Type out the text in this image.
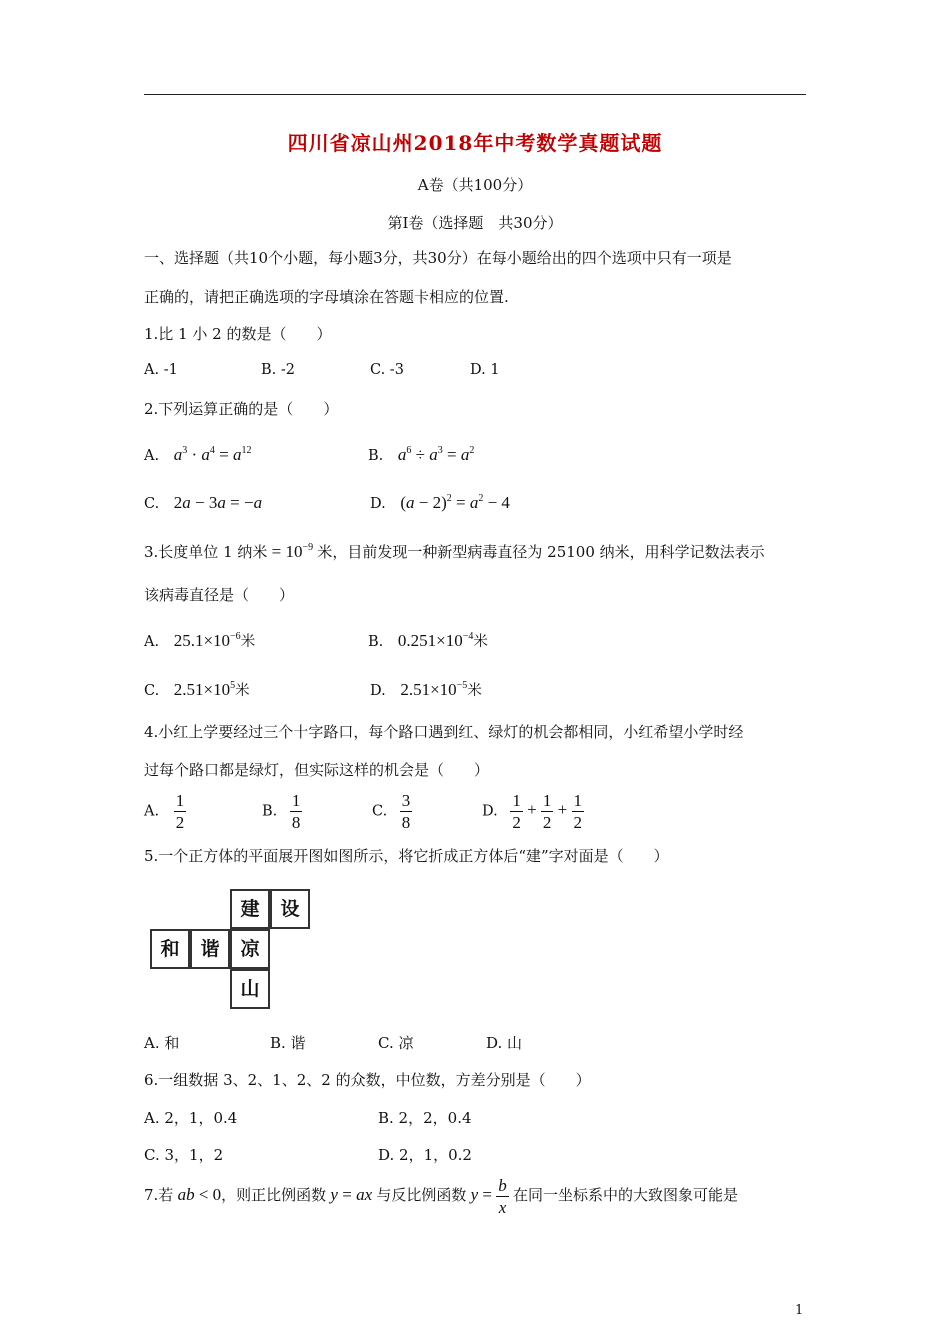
四川省凉山州2018年中考数学真题试题
A卷（共100分）
第Ⅰ卷（选择题　共30分）
一、选择题（共10个小题，每小题3分，共30分）在每小题给出的四个选项中只有一项是
正确的，请把正确选项的字母填涂在答题卡相应的位置.
1.比 1 小 2 的数是（　　）
A. -1	B. -2	C. -3	D. 1
2.下列运算正确的是（　　）
A. $a^3 \cdot a^4 = a^{12}$	B. $a^6 \div a^3 = a^2$
C. 2a − 3a = −a	D. $(a - 2)^2 = a^2 - 4$
3.长度单位 1 纳米 = $10^{-9}$ 米，目前发现一种新型病毒直径为 25100 纳米，用科学记数法表示
该病毒直径是（　　）
A. $25.1\times 10^{-6}$米	B. $0.251\times 10^{-4}$米
C. $2.51\times 10^5$米	D. $2.51\times 10^{-5}$米
4.小红上学要经过三个十字路口，每个路口遇到红、绿灯的机会都相同，小红希望小学时经
过每个路口都是绿灯，但实际这样的机会是（　　）
A. $\frac{1}{2}$	B. $\frac{1}{8}$	C. $\frac{3}{8}$	D. $\frac{1}{2} + \frac{1}{2} + \frac{1}{2}$
5.一个正方体的平面展开图如图所示，将它折成正方体后“建”字对面是（　　）
建	设
和	谐	凉
山
A. 和	B. 谐	C. 凉	D. 山
6.一组数据 3、2、1、2、2 的众数，中位数，方差分别是（　　）
A. 2，1，0.4	B. 2，2，0.4
C. 3，1，2	D. 2，1，0.2
7.若 ab < 0，则正比例函数 y = ax 与反比例函数 $y = \frac{b}{x}$ 在同一坐标系中的大致图象可能是
1
